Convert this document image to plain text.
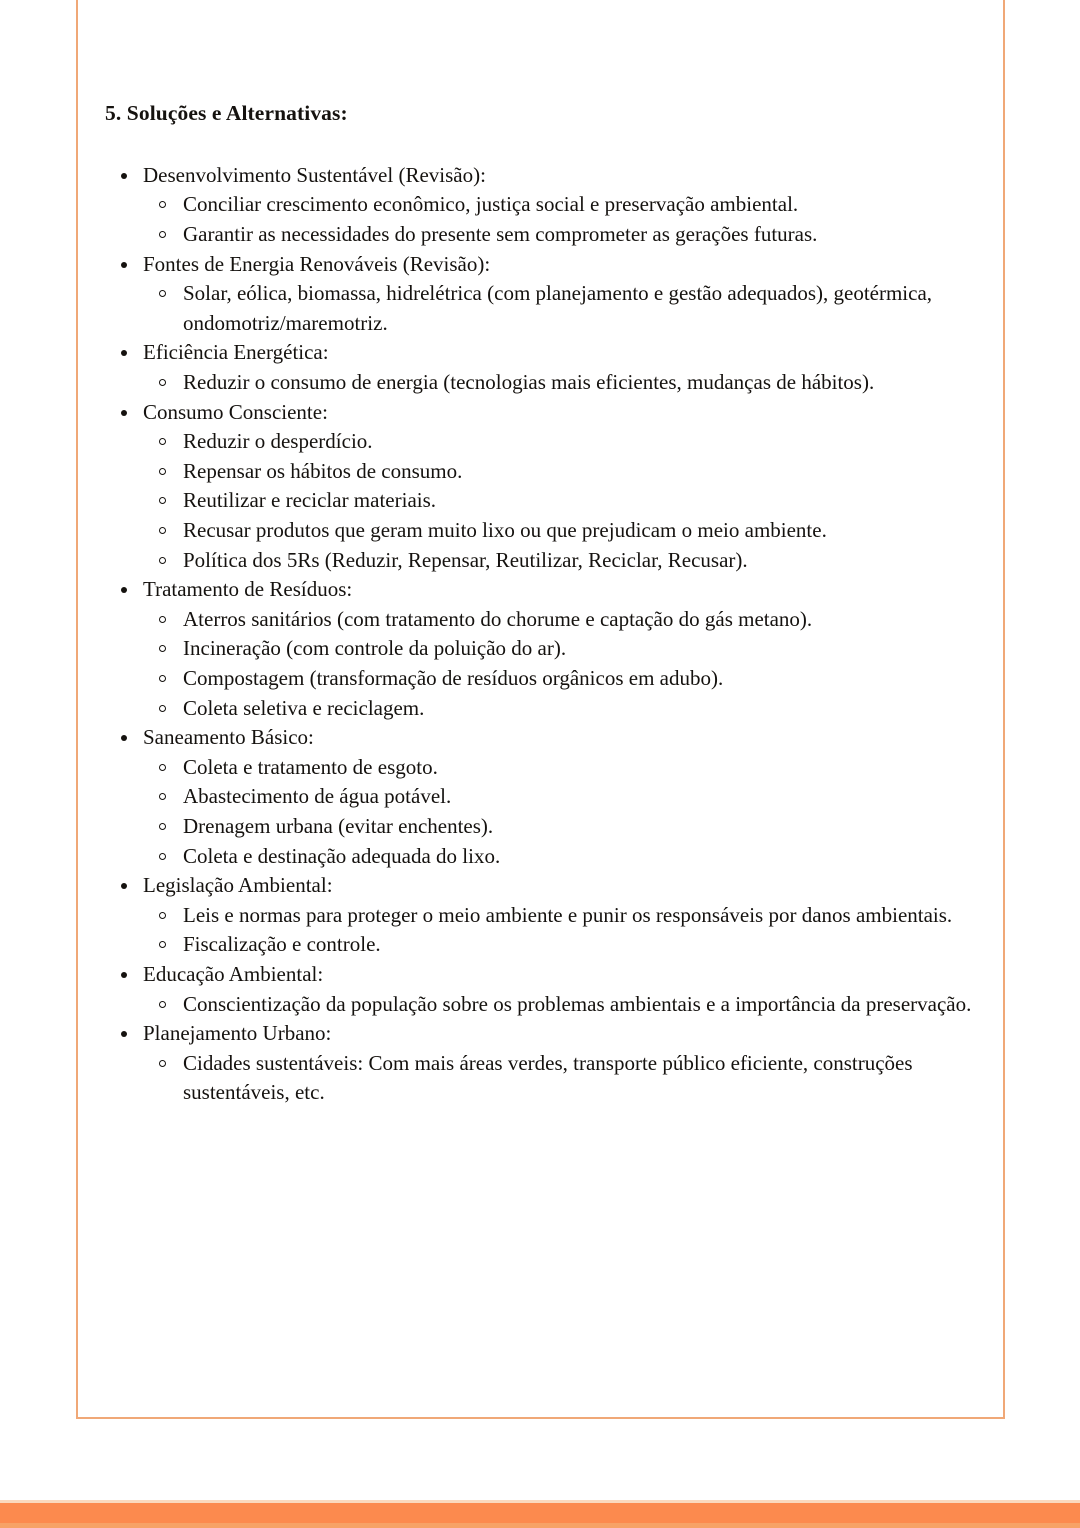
5. Soluções e Alternativas:
Desenvolvimento Sustentável (Revisão):
Conciliar crescimento econômico, justiça social e preservação ambiental.
Garantir as necessidades do presente sem comprometer as gerações futuras.
Fontes de Energia Renováveis (Revisão):
Solar, eólica, biomassa, hidrelétrica (com planejamento e gestão adequados), geotérmica, ondomotriz/maremotriz.
Eficiência Energética:
Reduzir o consumo de energia (tecnologias mais eficientes, mudanças de hábitos).
Consumo Consciente:
Reduzir o desperdício.
Repensar os hábitos de consumo.
Reutilizar e reciclar materiais.
Recusar produtos que geram muito lixo ou que prejudicam o meio ambiente.
Política dos 5Rs (Reduzir, Repensar, Reutilizar, Reciclar, Recusar).
Tratamento de Resíduos:
Aterros sanitários (com tratamento do chorume e captação do gás metano).
Incineração (com controle da poluição do ar).
Compostagem (transformação de resíduos orgânicos em adubo).
Coleta seletiva e reciclagem.
Saneamento Básico:
Coleta e tratamento de esgoto.
Abastecimento de água potável.
Drenagem urbana (evitar enchentes).
Coleta e destinação adequada do lixo.
Legislação Ambiental:
Leis e normas para proteger o meio ambiente e punir os responsáveis por danos ambientais.
Fiscalização e controle.
Educação Ambiental:
Conscientização da população sobre os problemas ambientais e a importância da preservação.
Planejamento Urbano:
Cidades sustentáveis: Com mais áreas verdes, transporte público eficiente, construções sustentáveis, etc.
